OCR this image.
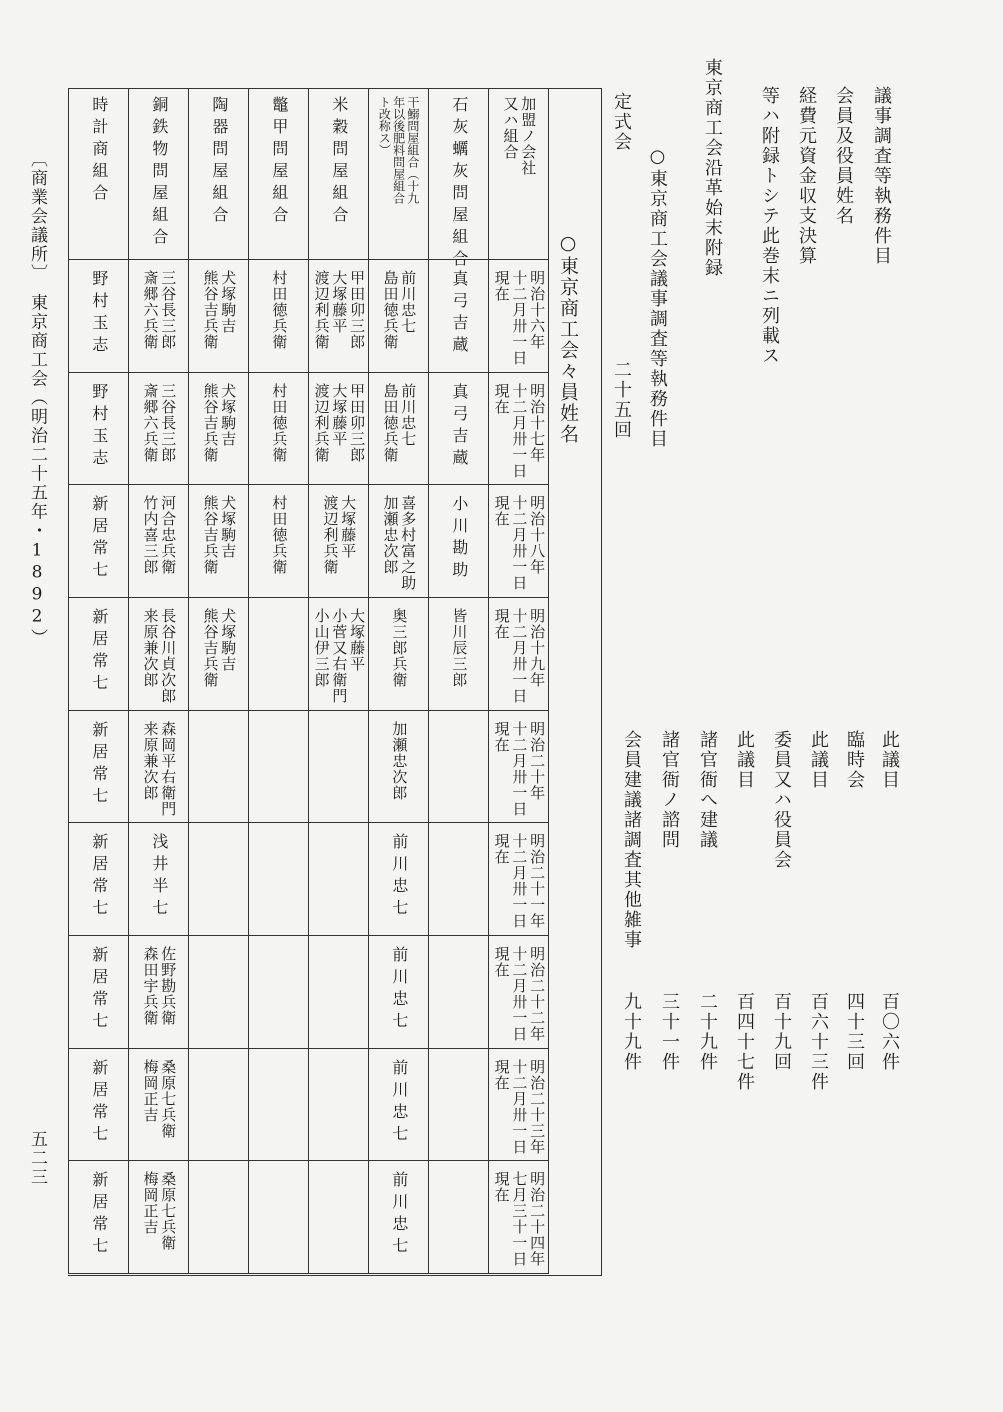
議事調査等執務件目
会員及役員姓名
経費元資金収支決算
等ハ附録トシテ此巻末ニ列載ス
東京商工会沿革始末附録
○東京商工会議事調査等執務件目
定式会
二十五回
此議目
百〇六件
臨時会
四十三回
此議目
百六十三件
委員又ハ役員会
百十九回
此議目
百四十七件
諸官衙へ建議
二十九件
諸官衙ノ諮問
三十一件
会員建議諸調査其他雑事
九十九件
○東京商工会々員姓名
加盟ノ会社
又ハ組合
石灰蠣灰問屋組合
干鰯問屋組合（十九
年以後肥料問屋組合
ト改称ス）
米穀問屋組合
鼈甲問屋組合
陶器問屋組合
銅鉄物問屋組合
時計商組合
明治十六年
十二月卅一日
現在
真弓吉蔵
前川忠七
島田徳兵衛
甲田卯三郎
大塚藤平
渡辺利兵衛
村田徳兵衛
犬塚駒吉
熊谷吉兵衛
三谷長三郎
斎郷六兵衛
野村玉志
明治十七年
十二月卅一日
現在
真弓吉蔵
前川忠七
島田徳兵衛
甲田卯三郎
大塚藤平
渡辺利兵衛
村田徳兵衛
犬塚駒吉
熊谷吉兵衛
三谷長三郎
斎郷六兵衛
野村玉志
明治十八年
十二月卅一日
現在
小川勘助
喜多村富之助
加瀬忠次郎
大塚藤平
渡辺利兵衛
村田徳兵衛
犬塚駒吉
熊谷吉兵衛
河合忠兵衛
竹内喜三郎
新居常七
明治十九年
十二月卅一日
現在
皆川辰三郎
奥三郎兵衛
大塚藤平
小菅又右衛門
小山伊三郎
犬塚駒吉
熊谷吉兵衛
長谷川貞次郎
来原兼次郎
新居常七
明治二十年
十二月卅一日
現在
加瀬忠次郎
森岡平右衛門
来原兼次郎
新居常七
明治二十一年
十二月卅一日
現在
前川忠七
浅井半七
新居常七
明治二十二年
十二月卅一日
現在
前川忠七
佐野勘兵衛
森田宇兵衛
新居常七
明治二十三年
十二月卅一日
現在
前川忠七
桑原七兵衛
梅岡正吉
新居常七
明治二十四年
七月三十一日
現在
前川忠七
桑原七兵衛
梅岡正吉
新居常七
〔商業会議所〕　東京商工会（明治二十五年・1892）
五二三
